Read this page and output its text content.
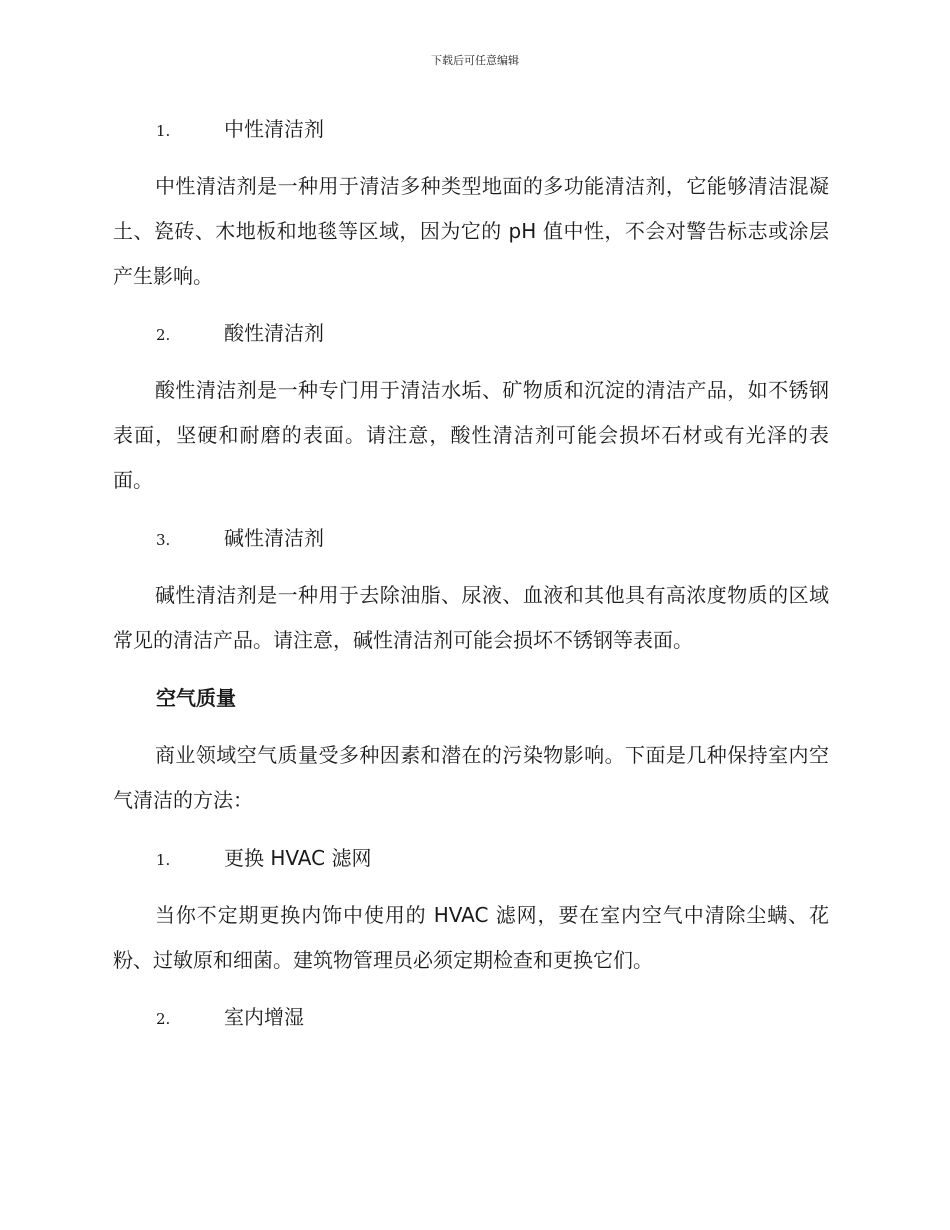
下载后可任意编辑
1.	中性清洁剂

中性清洁剂是一种用于清洁多种类型地面的多功能清洁剂，它能够清洁混凝土、瓷砖、木地板和地毯等区域，因为它的 pH 值中性，不会对警告标志或涂层产生影响。

2.	酸性清洁剂

酸性清洁剂是一种专门用于清洁水垢、矿物质和沉淀的清洁产品，如不锈钢表面，坚硬和耐磨的表面。请注意，酸性清洁剂可能会损坏石材或有光泽的表面。

3.	碱性清洁剂

碱性清洁剂是一种用于去除油脂、尿液、血液和其他具有高浓度物质的区域常见的清洁产品。请注意，碱性清洁剂可能会损坏不锈钢等表面。

空气质量

商业领域空气质量受多种因素和潜在的污染物影响。下面是几种保持室内空气清洁的方法：

1.	更换 HVAC 滤网

当你不定期更换内饰中使用的 HVAC 滤网，要在室内空气中清除尘螨、花粉、过敏原和细菌。建筑物管理员必须定期检查和更换它们。

2.	室内增湿
